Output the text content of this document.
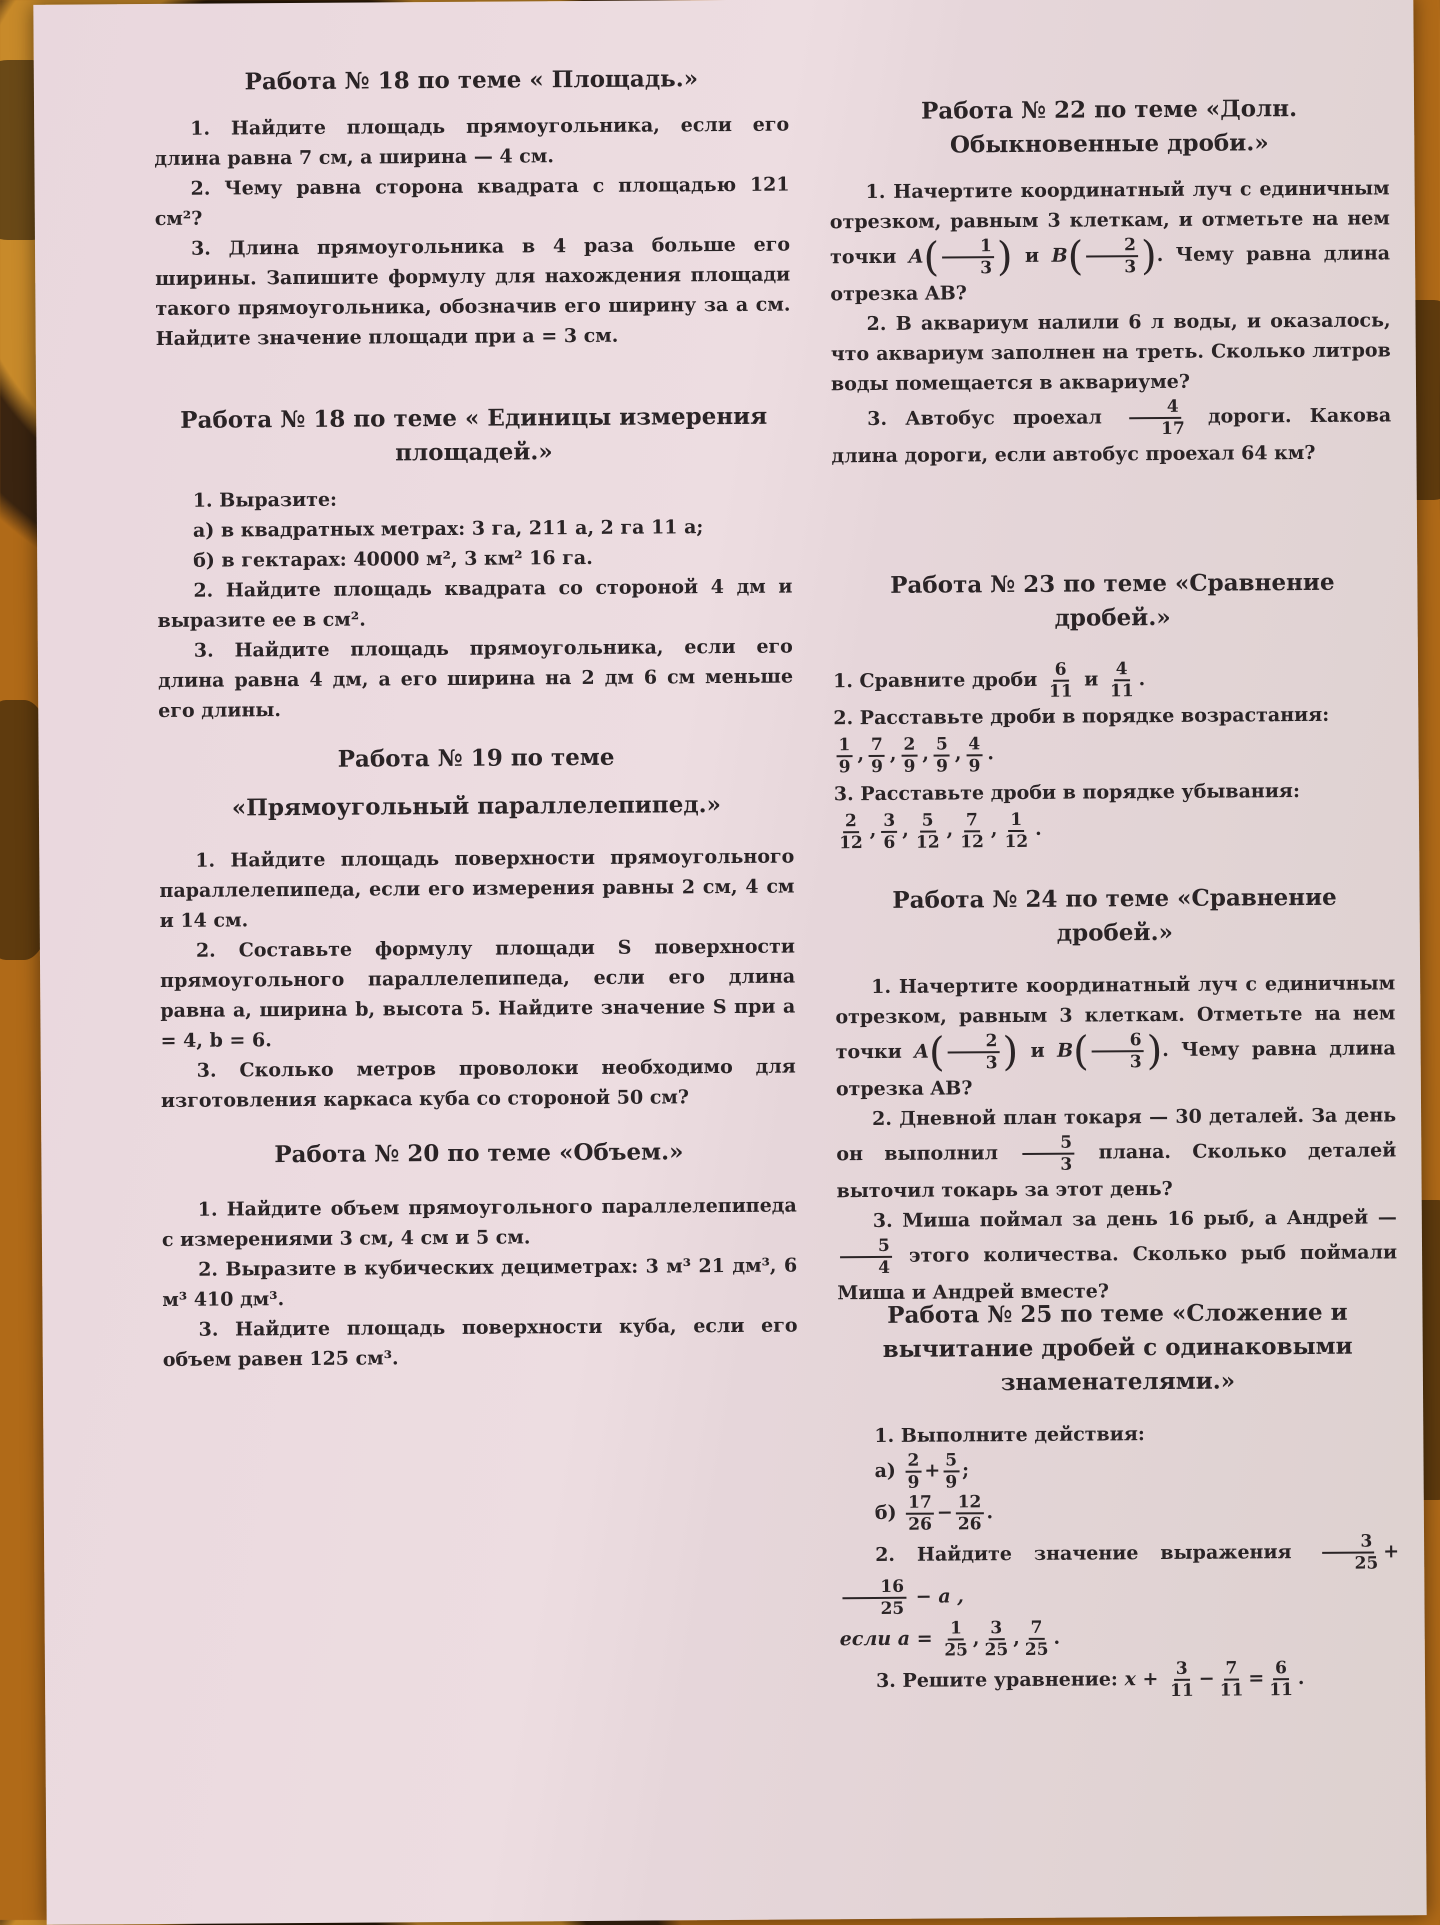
Работа № 18 по теме « Площадь.»

1. Найдите площадь прямоугольника, если его длина равна 7 см, а ширина — 4 см.

2. Чему равна сторона квадрата с площадью 121 см²?

3. Длина прямоугольника в 4 раза больше его ширины. Запишите формулу для нахождения площади такого прямоугольника, обозначив его ширину за a см. Найдите значение площади при a = 3 см.

Работа № 18 по теме « Единицы измерения площадей.»

1. Выразите:

а) в квадратных метрах: 3 га, 211 а, 2 га 11 а;

б) в гектарах: 40000 м², 3 км² 16 га.

2. Найдите площадь квадрата со стороной 4 дм и выразите ее в см².

3. Найдите площадь прямоугольника, если его длина равна 4 дм, а его ширина на 2 дм 6 см меньше его длины.

Работа № 19 по теме

«Прямоугольный параллелепипед.»

1. Найдите площадь поверхности прямоугольного параллелепипеда, если его измерения равны 2 см, 4 см и 14 см.

2. Составьте формулу площади S поверхности прямоугольного параллелепипеда, если его длина равна a, ширина b, высота 5. Найдите значение S при a = 4, b = 6.

3. Сколько метров проволоки необходимо для изготовления каркаса куба со стороной 50 см?

Работа № 20 по теме «Объем.»

1. Найдите объем прямоугольного параллелепипеда с измерениями 3 см, 4 см и 5 см.

2. Выразите в кубических дециметрах: 3 м³ 21 дм³, 6 м³ 410 дм³.

3. Найдите площадь поверхности куба, если его объем равен 125 см³.

Работа № 22 по теме «Долн. Обыкновенные дроби.»

1. Начертите координатный луч с единичным отрезком, равным 3 клеткам, и отметьте на нем точки $A( \frac{1}{3}$ ) и $B( \frac{2}{3}$ ). Чему равна длина отрезка AB?

2. В аквариум налили 6 л воды, и оказалось, что аквариум заполнен на треть. Сколько литров воды помещается в аквариуме?

3. Автобус проехал $\frac{4}{17}$ дороги. Какова длина дороги, если автобус проехал 64 км?

Работа № 23 по теме «Сравнение дробей.»

1. Сравните дроби $\frac{6}{11}$ и $\frac{4}{11}$ .

2. Расставьте дроби в порядке возрастания:

$\frac{1}{9}$ , $\frac{7}{9}$ , $\frac{2}{9}$ , $\frac{5}{9}$ , $\frac{4}{9}$ .

3. Расставьте дроби в порядке убывания:

$\frac{2}{12}$ , $\frac{3}{6}$ , $\frac{5}{12}$ , $\frac{7}{12}$ , $\frac{1}{12}$ .

Работа № 24 по теме «Сравнение дробей.»

1. Начертите координатный луч с единичным отрезком, равным 3 клеткам. Отметьте на нем точки $A( \frac{2}{3}$ ) и $B( \frac{6}{3}$ ). Чему равна длина отрезка AB?

2. Дневной план токаря — 30 деталей. За день он выполнил $\frac{5}{3}$ плана. Сколько деталей выточил токарь за этот день?

3. Миша поймал за день 16 рыб, а Андрей —
$\frac{5}{4}$ этого количества. Сколько рыб поймали Миша и Андрей вместе?

Работа № 25 по теме «Сложение и вычитание дробей с одинаковыми знаменателями.»

1. Выполните действия:

$а) \frac{2}{9} + \frac{5}{9}$ ;

$б) \frac{17}{26} - \frac{12}{26}$ .

2. Найдите значение выражения $\frac{3}{25}$ +
$\frac{16}{25} - a$ ,

если $a = \frac{1}{25}$ , $\frac{3}{25}$ , $\frac{7}{25}$ .

3. Решите уравнение: $x + \frac{3}{11} - \frac{7}{11} = \frac{6}{11}$ .
